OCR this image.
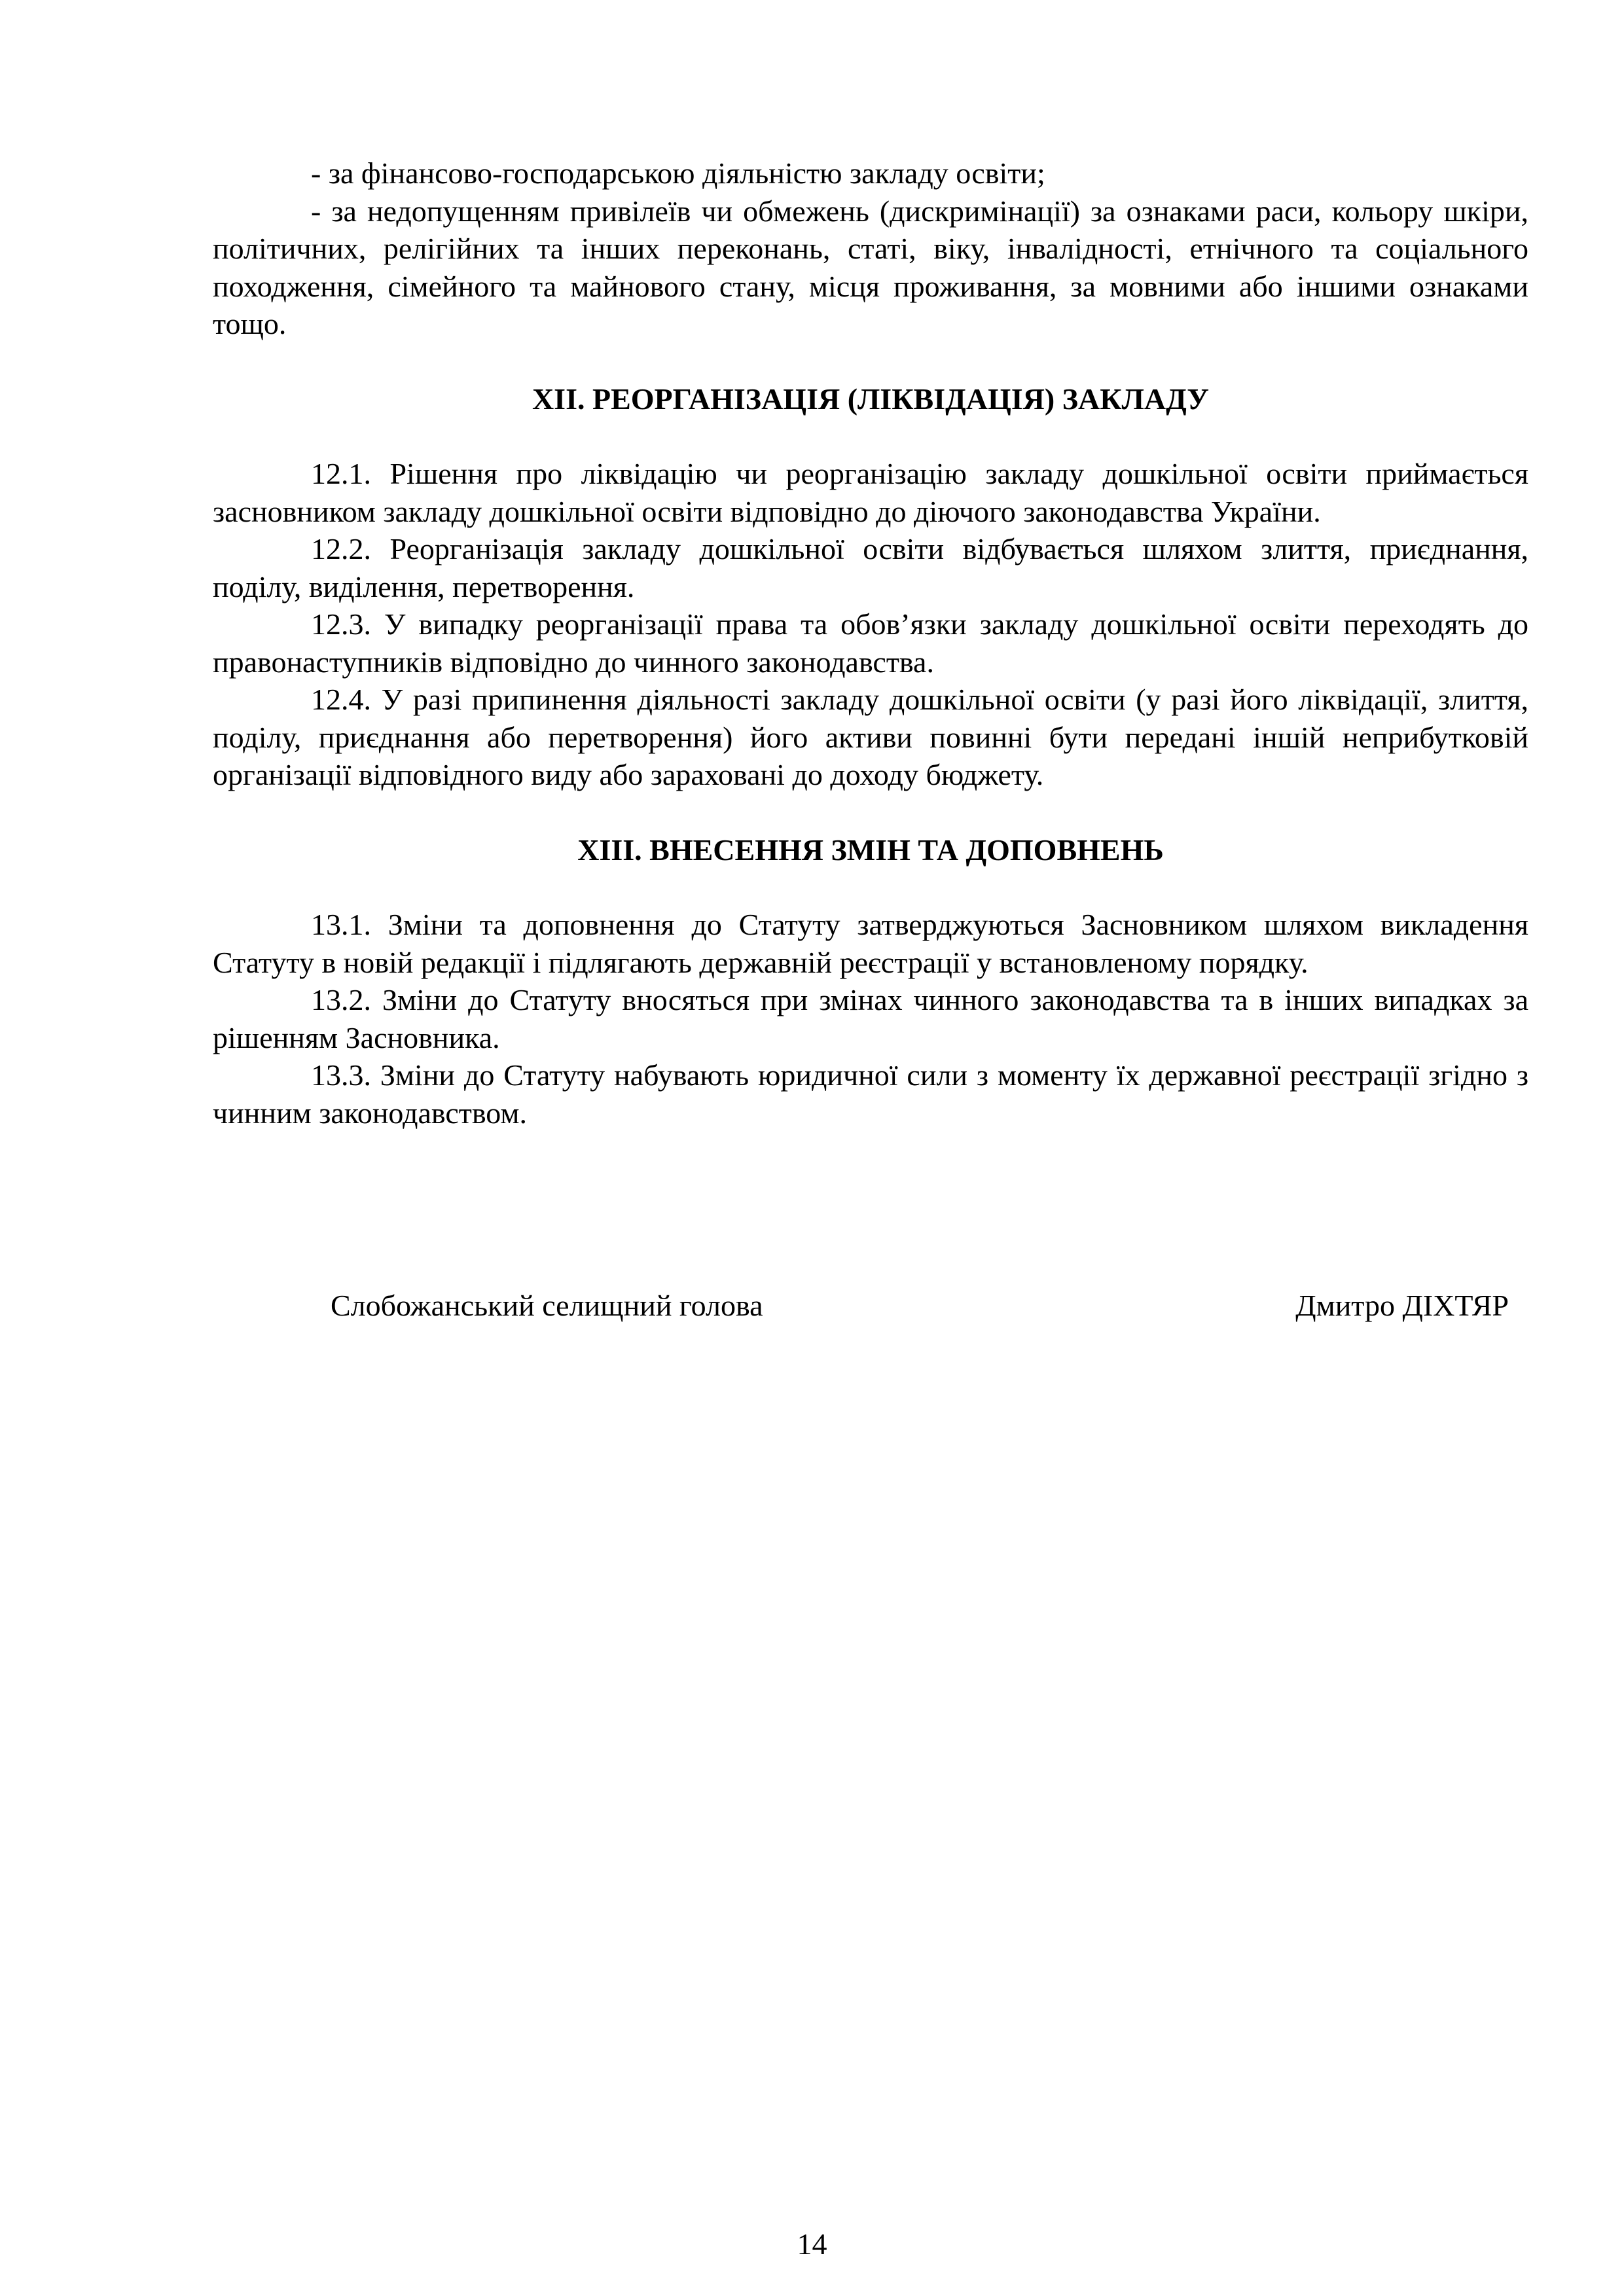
- за фінансово-господарською діяльністю закладу освіти;

- за недопущенням привілеїв чи обмежень (дискримінації) за ознаками раси, кольору шкіри, політичних, релігійних та інших переконань, статі, віку, інвалідності, етнічного та соціального походження, сімейного та майнового стану, місця проживання, за мовними або іншими ознаками тощо.

XII. РЕОРГАНІЗАЦІЯ (ЛІКВІДАЦІЯ) ЗАКЛАДУ

12.1. Рішення про ліквідацію чи реорганізацію закладу дошкільної освіти приймається засновником закладу дошкільної освіти відповідно до діючого законодавства України.

12.2. Реорганізація закладу дошкільної освіти відбувається шляхом злиття, приєднання, поділу, виділення, перетворення.

12.3. У випадку реорганізації права та обов’язки закладу дошкільної освіти переходять до правонаступників відповідно до чинного законодавства.

12.4. У разі припинення діяльності закладу дошкільної освіти (у разі його ліквідації, злиття, поділу, приєднання або перетворення) його активи повинні бути передані іншій неприбутковій організації відповідного виду або зараховані до доходу бюджету.

XIII. ВНЕСЕННЯ ЗМІН ТА ДОПОВНЕНЬ

13.1. Зміни та доповнення до Статуту затверджуються Засновником шляхом викладення Статуту в новій редакції і підлягають державній реєстрації у встановленому порядку.

13.2. Зміни до Статуту вносяться при змінах чинного законодавства та в інших випадках за рішенням Засновника.

13.3. Зміни до Статуту набувають юридичної сили з моменту їх державної реєстрації згідно з чинним законодавством.

Слобожанський селищний голова	Дмитро ДІХТЯР
14
